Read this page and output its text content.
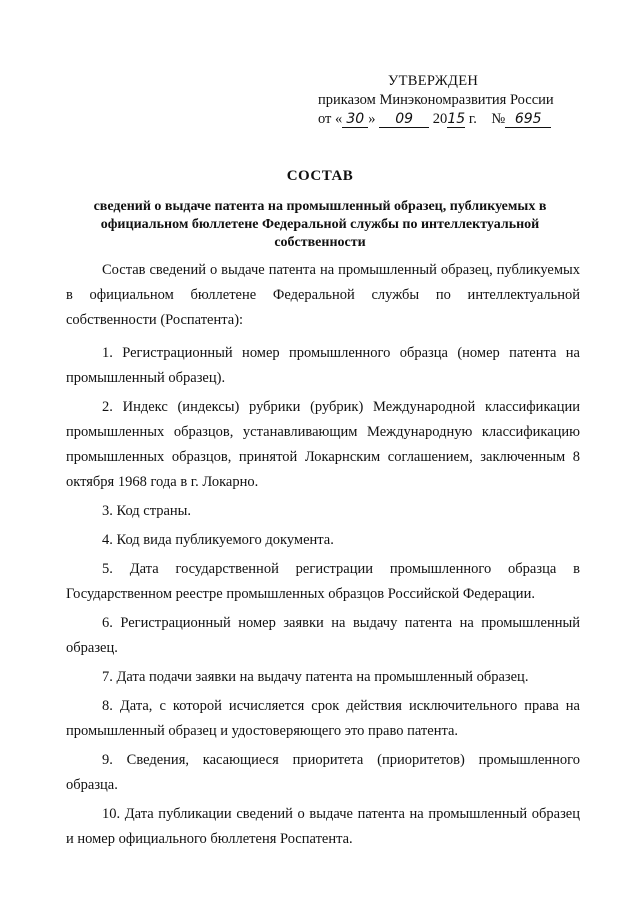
УТВЕРЖДЕН
приказом Минэкономразвития России
от « 30 » 09 2015 г. № 695
СОСТАВ
сведений о выдаче патента на промышленный образец, публикуемых в официальном бюллетене Федеральной службы по интеллектуальной собственности

Состав сведений о выдаче патента на промышленный образец, публикуемых в официальном бюллетене Федеральной службы по интеллектуальной собственности (Роспатента):

1. Регистрационный номер промышленного образца (номер патента на промышленный образец).

2. Индекс (индексы) рубрики (рубрик) Международной классификации промышленных образцов, устанавливающим Международную классификацию промышленных образцов, принятой Локарнским соглашением, заключенным 8 октября 1968 года в г. Локарно.

3. Код страны.

4. Код вида публикуемого документа.

5. Дата государственной регистрации промышленного образца в Государственном реестре промышленных образцов Российской Федерации.

6. Регистрационный номер заявки на выдачу патента на промышленный образец.

7. Дата подачи заявки на выдачу патента на промышленный образец.

8. Дата, с которой исчисляется срок действия исключительного права на промышленный образец и удостоверяющего это право патента.

9. Сведения, касающиеся приоритета (приоритетов) промышленного образца.

10. Дата публикации сведений о выдаче патента на промышленный образец и номер официального бюллетеня Роспатента.
